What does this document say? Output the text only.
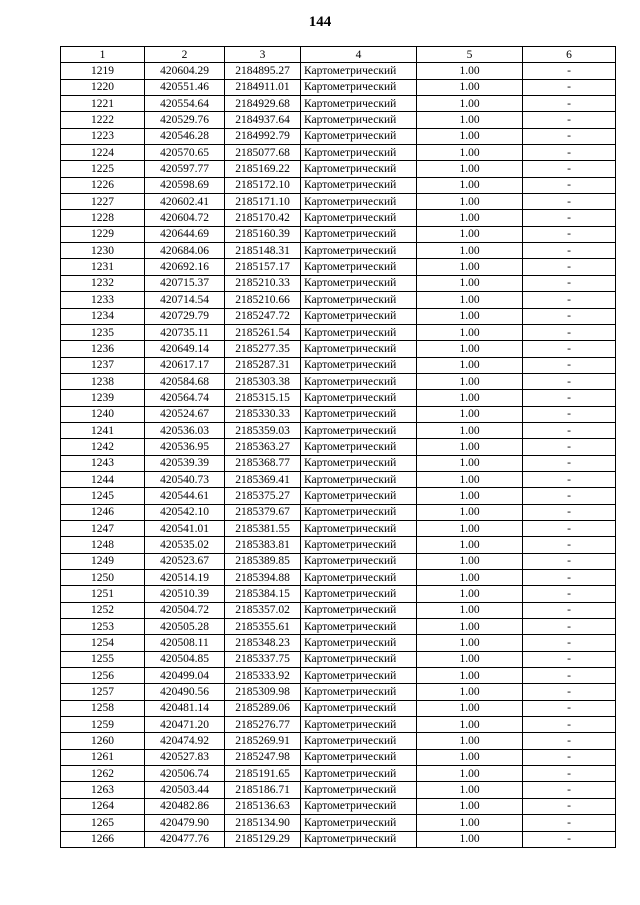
144
1	2	3	4	5	6
1219	420604.29	2184895.27	Картометрический	1.00	-
1220	420551.46	2184911.01	Картометрический	1.00	-
1221	420554.64	2184929.68	Картометрический	1.00	-
1222	420529.76	2184937.64	Картометрический	1.00	-
1223	420546.28	2184992.79	Картометрический	1.00	-
1224	420570.65	2185077.68	Картометрический	1.00	-
1225	420597.77	2185169.22	Картометрический	1.00	-
1226	420598.69	2185172.10	Картометрический	1.00	-
1227	420602.41	2185171.10	Картометрический	1.00	-
1228	420604.72	2185170.42	Картометрический	1.00	-
1229	420644.69	2185160.39	Картометрический	1.00	-
1230	420684.06	2185148.31	Картометрический	1.00	-
1231	420692.16	2185157.17	Картометрический	1.00	-
1232	420715.37	2185210.33	Картометрический	1.00	-
1233	420714.54	2185210.66	Картометрический	1.00	-
1234	420729.79	2185247.72	Картометрический	1.00	-
1235	420735.11	2185261.54	Картометрический	1.00	-
1236	420649.14	2185277.35	Картометрический	1.00	-
1237	420617.17	2185287.31	Картометрический	1.00	-
1238	420584.68	2185303.38	Картометрический	1.00	-
1239	420564.74	2185315.15	Картометрический	1.00	-
1240	420524.67	2185330.33	Картометрический	1.00	-
1241	420536.03	2185359.03	Картометрический	1.00	-
1242	420536.95	2185363.27	Картометрический	1.00	-
1243	420539.39	2185368.77	Картометрический	1.00	-
1244	420540.73	2185369.41	Картометрический	1.00	-
1245	420544.61	2185375.27	Картометрический	1.00	-
1246	420542.10	2185379.67	Картометрический	1.00	-
1247	420541.01	2185381.55	Картометрический	1.00	-
1248	420535.02	2185383.81	Картометрический	1.00	-
1249	420523.67	2185389.85	Картометрический	1.00	-
1250	420514.19	2185394.88	Картометрический	1.00	-
1251	420510.39	2185384.15	Картометрический	1.00	-
1252	420504.72	2185357.02	Картометрический	1.00	-
1253	420505.28	2185355.61	Картометрический	1.00	-
1254	420508.11	2185348.23	Картометрический	1.00	-
1255	420504.85	2185337.75	Картометрический	1.00	-
1256	420499.04	2185333.92	Картометрический	1.00	-
1257	420490.56	2185309.98	Картометрический	1.00	-
1258	420481.14	2185289.06	Картометрический	1.00	-
1259	420471.20	2185276.77	Картометрический	1.00	-
1260	420474.92	2185269.91	Картометрический	1.00	-
1261	420527.83	2185247.98	Картометрический	1.00	-
1262	420506.74	2185191.65	Картометрический	1.00	-
1263	420503.44	2185186.71	Картометрический	1.00	-
1264	420482.86	2185136.63	Картометрический	1.00	-
1265	420479.90	2185134.90	Картометрический	1.00	-
1266	420477.76	2185129.29	Картометрический	1.00	-
